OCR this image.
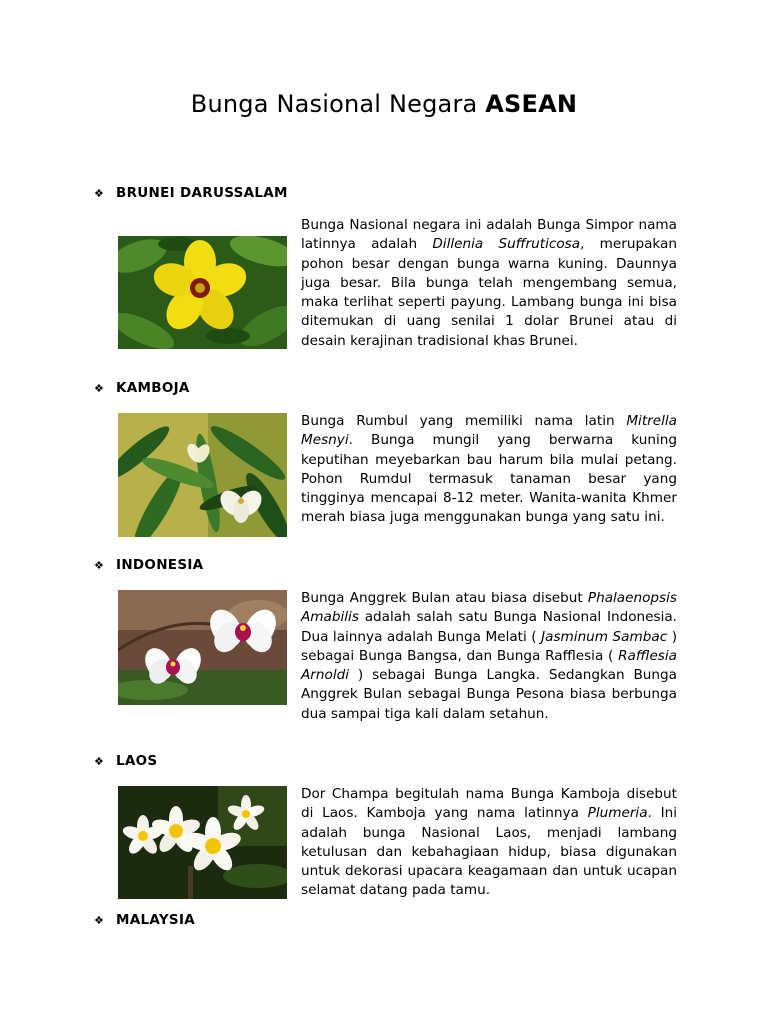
Bunga Nasional Negara ASEAN
❖ BRUNEI DARUSSALAM

Bunga Nasional negara ini adalah Bunga Simpor nama latinnya adalah Dillenia Suffruticosa, merupakan pohon besar dengan bunga warna kuning. Daunnya juga besar. Bila bunga telah mengembang semua, maka terlihat seperti payung. Lambang bunga ini bisa ditemukan di uang senilai 1 dolar Brunei atau di desain kerajinan tradisional khas Brunei.

❖ KAMBOJA

Bunga Rumbul yang memiliki nama latin Mitrella Mesnyi. Bunga mungil yang berwarna kuning keputihan meyebarkan bau harum bila mulai petang. Pohon Rumdul termasuk tanaman besar yang tingginya mencapai 8-12 meter. Wanita-wanita Khmer merah biasa juga menggunakan bunga yang satu ini.

❖ INDONESIA

Bunga Anggrek Bulan atau biasa disebut Phalaenopsis Amabilis adalah salah satu Bunga Nasional Indonesia. Dua lainnya adalah Bunga Melati ( Jasminum Sambac ) sebagai Bunga Bangsa, dan Bunga Rafflesia ( Rafflesia Arnoldi ) sebagai Bunga Langka. Sedangkan Bunga Anggrek Bulan sebagai Bunga Pesona biasa berbunga dua sampai tiga kali dalam setahun.

❖ LAOS

Dor Champa begitulah nama Bunga Kamboja disebut di Laos. Kamboja yang nama latinnya Plumeria. Ini adalah bunga Nasional Laos, menjadi lambang ketulusan dan kebahagiaan hidup, biasa digunakan untuk dekorasi upacara keagamaan dan untuk ucapan selamat datang pada tamu.

❖ MALAYSIA
